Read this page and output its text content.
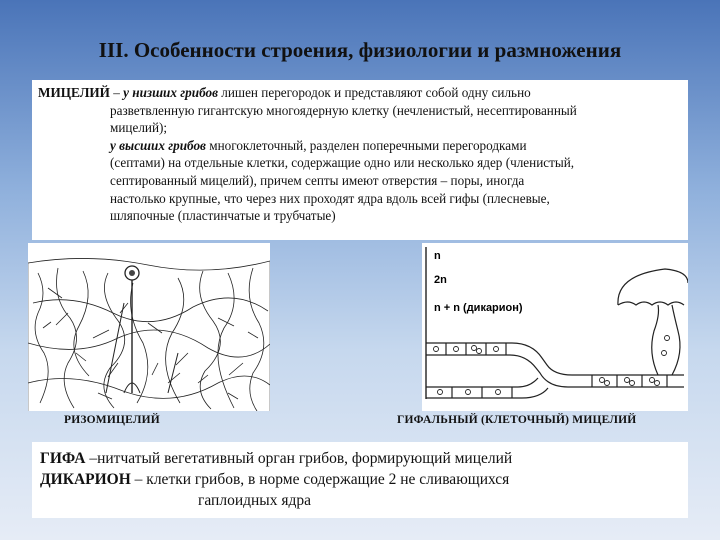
III. Особенности строения, физиологии и размножения
МИЦЕЛИЙ – у низших грибов лишен перегородок и представляют собой одну сильно
разветвленную гигантскую многоядерную клетку (нечленистый, несептированный
мицелий);
у высших грибов многоклеточный, разделен поперечными перегородками
(септами) на отдельные клетки, содержащие одно или несколько ядер (членистый,
септированный мицелий), причем септы имеют отверстия – поры, иногда
настолько крупные, что через них проходят ядра вдоль всей гифы (плесневые,
шляпочные (пластинчатые и трубчатые)
n
2n
n + n (дикарион)
РИЗОМИЦЕЛИЙ	ГИФАЛЬНЫЙ (КЛЕТОЧНЫЙ) МИЦЕЛИЙ
ГИФА –нитчатый вегетативный орган грибов, формирующий мицелий
ДИКАРИОН – клетки грибов, в норме содержащие 2 не сливающихся
гаплоидных ядра
